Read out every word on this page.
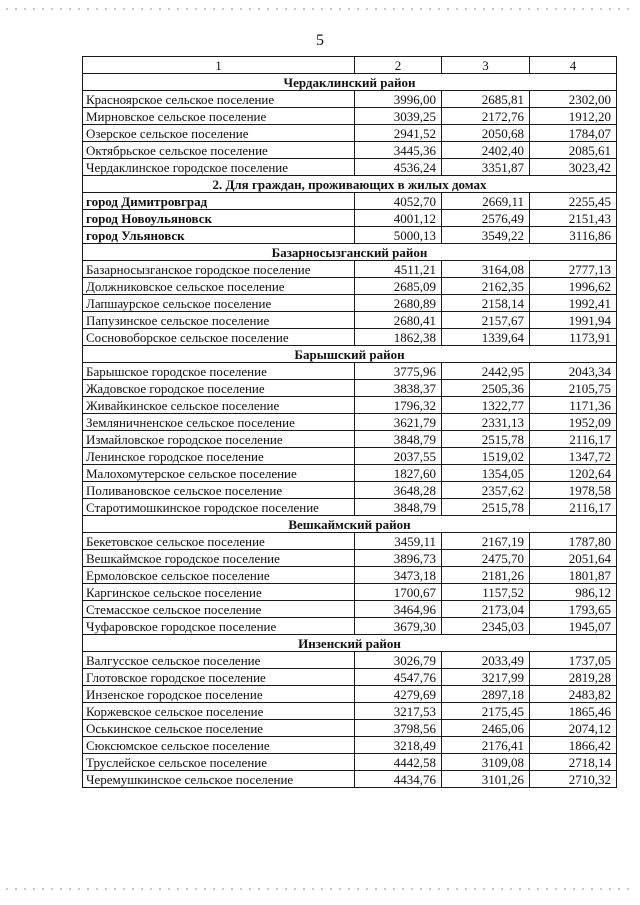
5
1	2	3	4
Чердаклинский район			
Красноярское сельское поселение	3996,00	2685,81	2302,00
Мирновское сельское поселение	3039,25	2172,76	1912,20
Озерское сельское поселение	2941,52	2050,68	1784,07
Октябрьское сельское поселение	3445,36	2402,40	2085,61
Чердаклинское городское поселение	4536,24	3351,87	3023,42
2. Для граждан, проживающих в жилых домах			
город Димитровград	4052,70	2669,11	2255,45
город Новоульяновск	4001,12	2576,49	2151,43
город Ульяновск	5000,13	3549,22	3116,86
Базарносызганский район			
Базарносызганское городское поселение	4511,21	3164,08	2777,13
Должниковское сельское поселение	2685,09	2162,35	1996,62
Лапшаурское сельское поселение	2680,89	2158,14	1992,41
Папузинское сельское поселение	2680,41	2157,67	1991,94
Сосновоборское сельское поселение	1862,38	1339,64	1173,91
Барышский район			
Барышское городское поселение	3775,96	2442,95	2043,34
Жадовское городское поселение	3838,37	2505,36	2105,75
Живайкинское сельское поселение	1796,32	1322,77	1171,36
Земляничненское сельское поселение	3621,79	2331,13	1952,09
Измайловское городское поселение	3848,79	2515,78	2116,17
Ленинское городское поселение	2037,55	1519,02	1347,72
Малохомутерское сельское поселение	1827,60	1354,05	1202,64
Поливановское сельское поселение	3648,28	2357,62	1978,58
Старотимошкинское городское поселение	3848,79	2515,78	2116,17
Вешкаймский район			
Бекетовское сельское поселение	3459,11	2167,19	1787,80
Вешкаймское городское поселение	3896,73	2475,70	2051,64
Ермоловское сельское поселение	3473,18	2181,26	1801,87
Каргинское сельское поселение	1700,67	1157,52	986,12
Стемасское сельское поселение	3464,96	2173,04	1793,65
Чуфаровское городское поселение	3679,30	2345,03	1945,07
Инзенский район			
Валгусское сельское поселение	3026,79	2033,49	1737,05
Глотовское городское поселение	4547,76	3217,99	2819,28
Инзенское городское поселение	4279,69	2897,18	2483,82
Коржевское сельское поселение	3217,53	2175,45	1865,46
Оськинское сельское поселение	3798,56	2465,06	2074,12
Сюксюмское сельское поселение	3218,49	2176,41	1866,42
Труслейское сельское поселение	4442,58	3109,08	2718,14
Черемушкинское сельское поселение	4434,76	3101,26	2710,32
